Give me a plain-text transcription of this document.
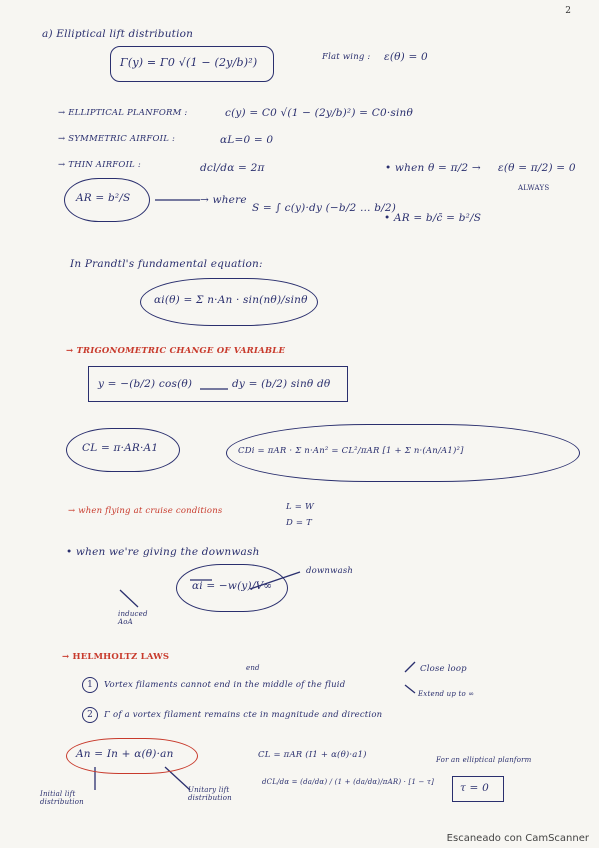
2
a) Elliptical lift distribution
Γ(y) = Γ0 √(1 − (2y/b)²)	Flat wing : ε(θ) = 0
→ ELLIPTICAL PLANFORM :	c(y) = C0 √(1 − (2y/b)²) = C0·sinθ
→ SYMMETRIC AIRFOIL :	αL=0 = 0
→ THIN AIRFOIL :	dcl/dα = 2π	• when θ = π/2 → ε(θ = π/2) = 0
ALWAYS
AR = b²/S	→ where
S = ∫ c(y)·dy (−b/2 … b/2)
• AR = b/c̄ = b²/S
In Prandtl's fundamental equation:
αi(θ) = Σ n·An · sin(nθ)/sinθ
→ TRIGONOMETRIC CHANGE OF VARIABLE
y = −(b/2) cos(θ)	dy = (b/2) sinθ dθ
CL = π·AR·A1	CDi = πAR · Σ n·An² = CL²/πAR [1 + Σ n·(An/A1)²]
→ when flying at cruise conditions	L = W
D = T
• when we're giving the downwash
αi = −w(y)/V∞
downwash
induced AoA
→ HELMHOLTZ LAWS
1	Vortex filaments cannot end in the middle of the fluid
end	Close loop
Extend up to ∞
2	Γ of a vortex filament remains cte in magnitude and direction
An = In + α(θ)·an
Initial lift distribution
Unitary lift distribution
CL = πAR (I1 + α(θ)·a1)
dCL/dα = (da/dα) / (1 + (da/dα)/πAR) · [1 − τ]
For an elliptical planform
τ = 0
Escaneado con CamScanner
